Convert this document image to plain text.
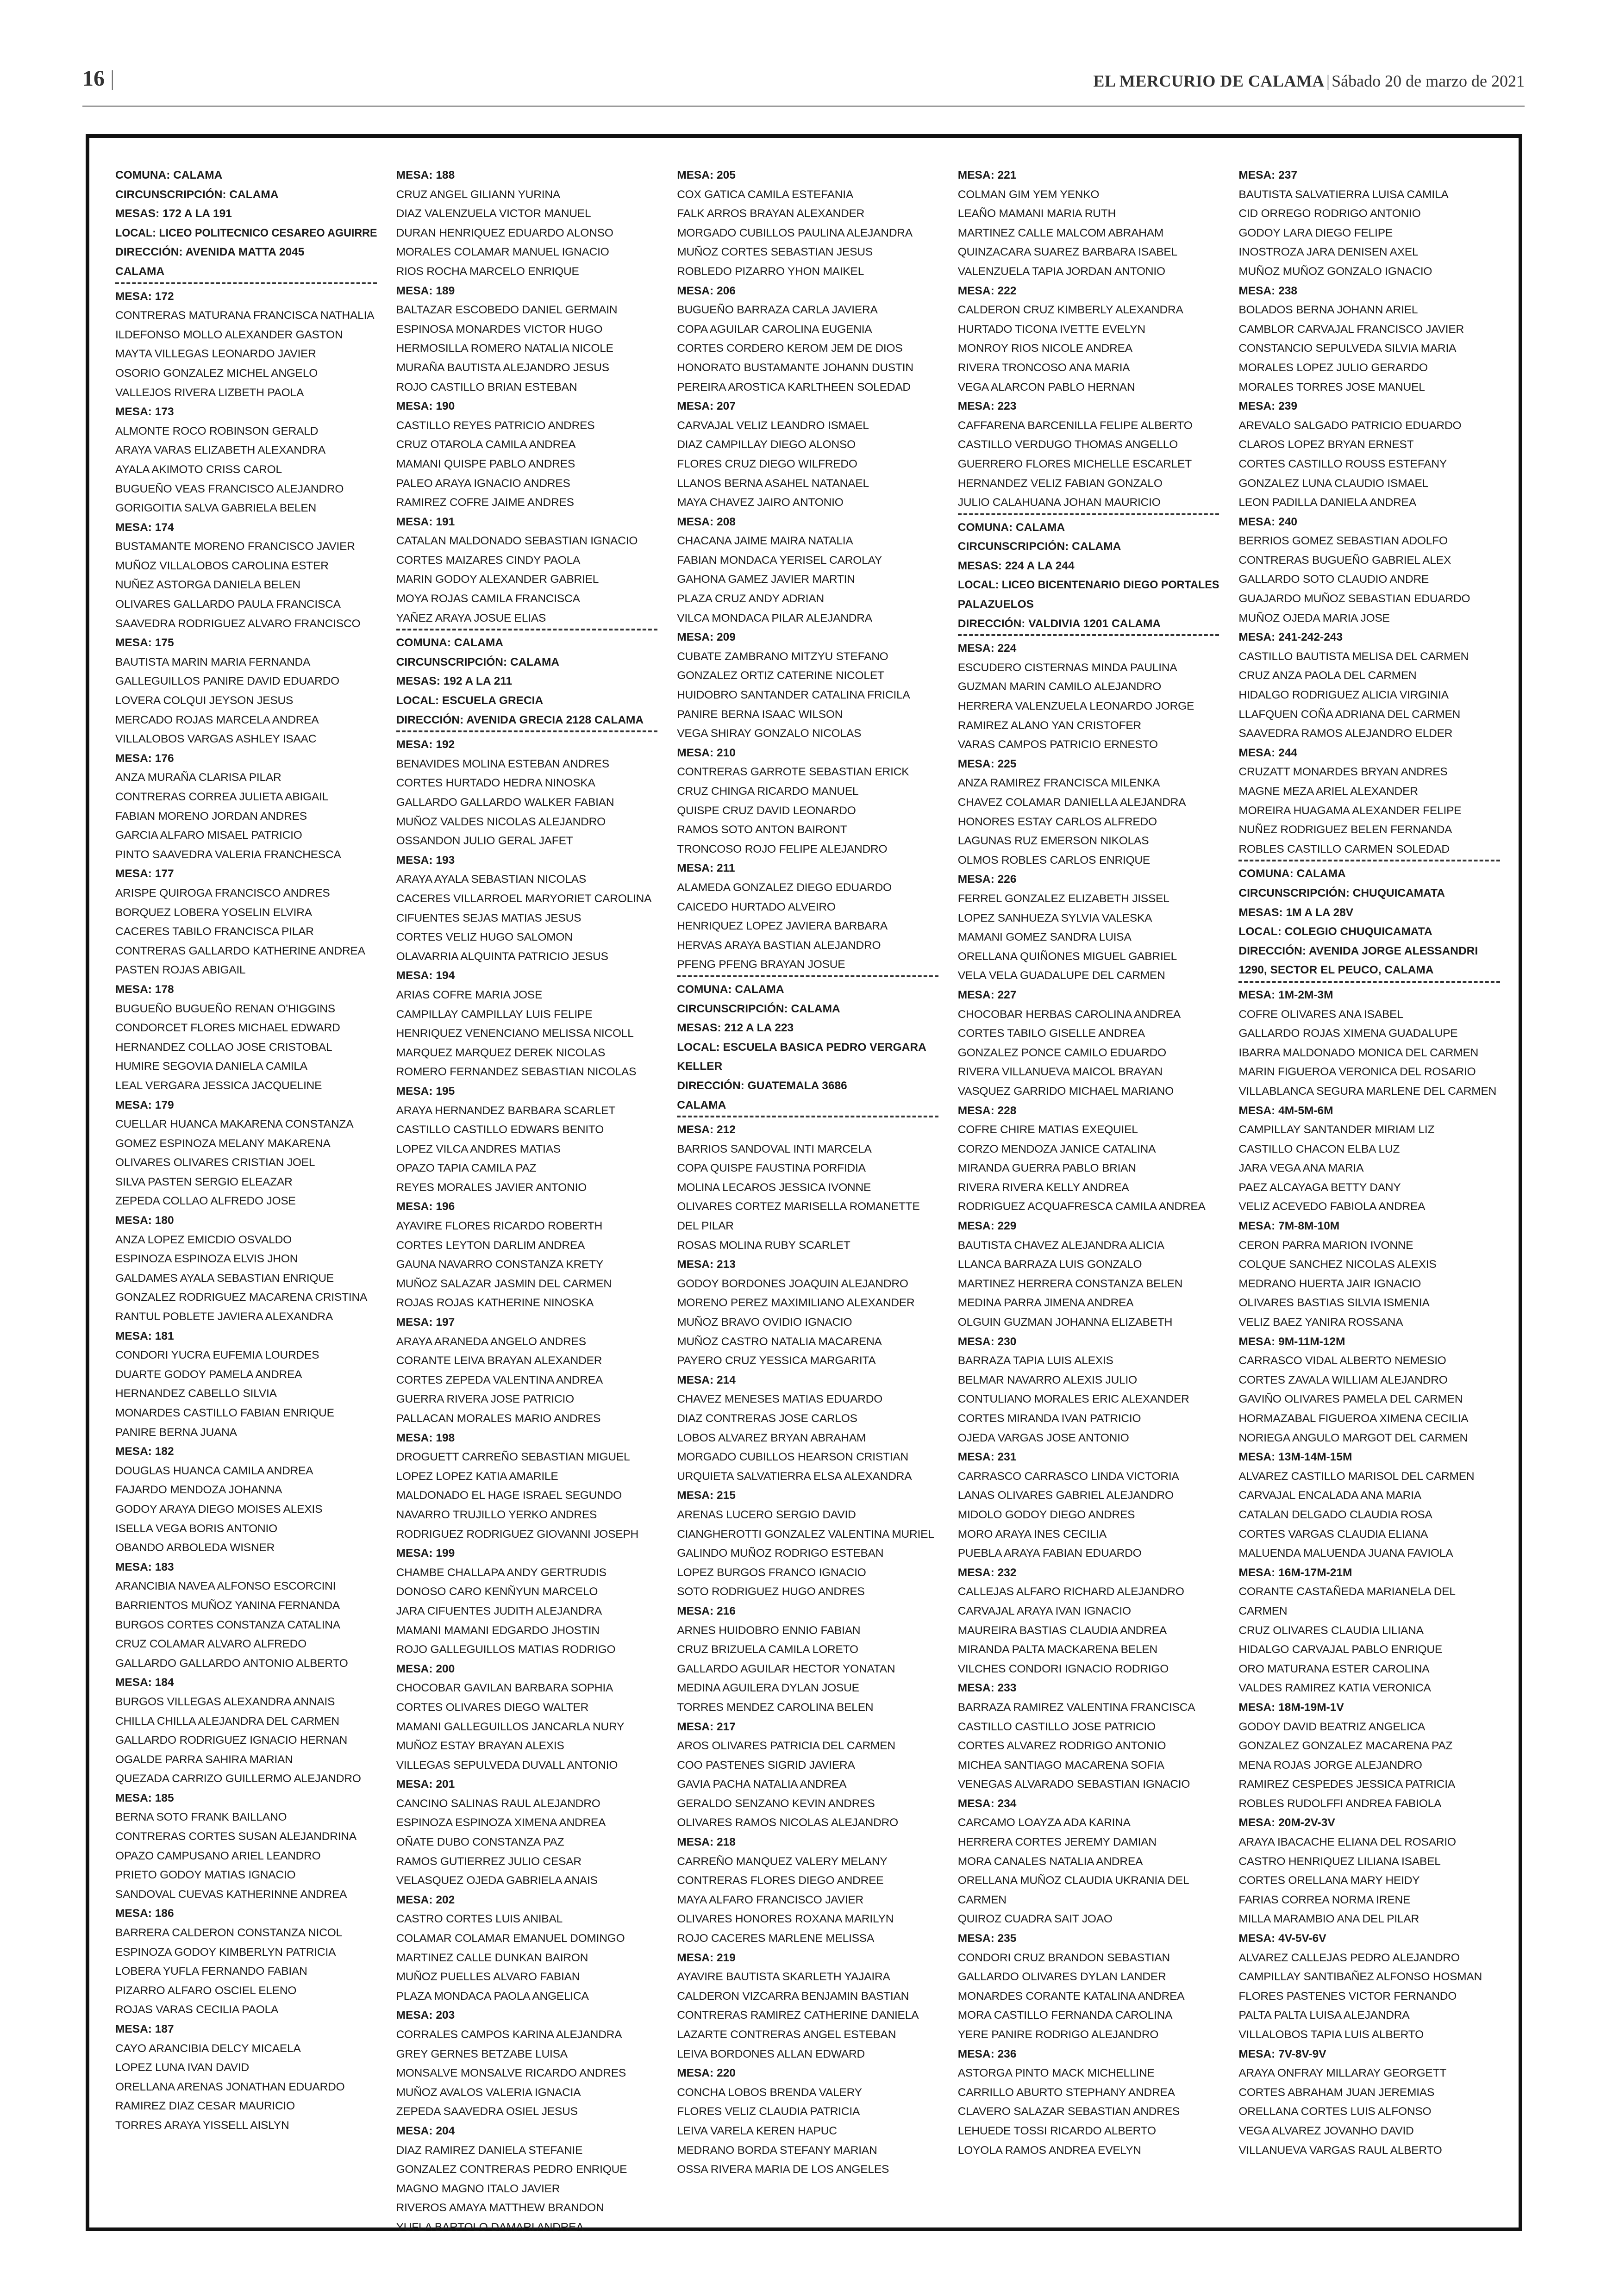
16 |	EL MERCURIO DE CALAMA | Sábado 20 de marzo de 2021
COMUNA: CALAMA
CIRCUNSCRIPCIÓN: CALAMA
MESAS: 172 A LA 191
LOCAL: LICEO POLITECNICO CESAREO AGUIRRE
DIRECCIÓN: AVENIDA MATTA 2045
CALAMA
MESA: 172
CONTRERAS MATURANA FRANCISCA NATHALIA
ILDEFONSO MOLLO ALEXANDER GASTON
MAYTA VILLEGAS LEONARDO JAVIER
OSORIO GONZALEZ MICHEL ANGELO
VALLEJOS RIVERA LIZBETH PAOLA
MESA: 173
ALMONTE ROCO ROBINSON GERALD
ARAYA VARAS ELIZABETH ALEXANDRA
AYALA AKIMOTO CRISS CAROL
BUGUEÑO VEAS FRANCISCO ALEJANDRO
GORIGOITIA SALVA GABRIELA BELEN
MESA: 174
BUSTAMANTE MORENO FRANCISCO JAVIER
MUÑOZ VILLALOBOS CAROLINA ESTER
NUÑEZ ASTORGA DANIELA BELEN
OLIVARES GALLARDO PAULA FRANCISCA
SAAVEDRA RODRIGUEZ ALVARO FRANCISCO
MESA: 175
BAUTISTA MARIN MARIA FERNANDA
GALLEGUILLOS PANIRE DAVID EDUARDO
LOVERA COLQUI JEYSON JESUS
MERCADO ROJAS MARCELA ANDREA
VILLALOBOS VARGAS ASHLEY ISAAC
MESA: 176
ANZA MURAÑA CLARISA PILAR
CONTRERAS CORREA JULIETA ABIGAIL
FABIAN MORENO JORDAN ANDRES
GARCIA ALFARO MISAEL PATRICIO
PINTO SAAVEDRA VALERIA FRANCHESCA
MESA: 177
ARISPE QUIROGA FRANCISCO ANDRES
BORQUEZ LOBERA YOSELIN ELVIRA
CACERES TABILO FRANCISCA PILAR
CONTRERAS GALLARDO KATHERINE ANDREA
PASTEN ROJAS ABIGAIL
MESA: 178
BUGUEÑO BUGUEÑO RENAN O'HIGGINS
CONDORCET FLORES MICHAEL EDWARD
HERNANDEZ COLLAO JOSE CRISTOBAL
HUMIRE SEGOVIA DANIELA CAMILA
LEAL VERGARA JESSICA JACQUELINE
MESA: 179
CUELLAR HUANCA MAKARENA CONSTANZA
GOMEZ ESPINOZA MELANY MAKARENA
OLIVARES OLIVARES CRISTIAN JOEL
SILVA PASTEN SERGIO ELEAZAR
ZEPEDA COLLAO ALFREDO JOSE
MESA: 180
ANZA LOPEZ EMICDIO OSVALDO
ESPINOZA ESPINOZA ELVIS JHON
GALDAMES AYALA SEBASTIAN ENRIQUE
GONZALEZ RODRIGUEZ MACARENA CRISTINA
RANTUL POBLETE JAVIERA ALEXANDRA
MESA: 181
CONDORI YUCRA EUFEMIA LOURDES
DUARTE GODOY PAMELA ANDREA
HERNANDEZ CABELLO SILVIA
MONARDES CASTILLO FABIAN ENRIQUE
PANIRE BERNA JUANA
MESA: 182
DOUGLAS HUANCA CAMILA ANDREA
FAJARDO MENDOZA JOHANNA
GODOY ARAYA DIEGO MOISES ALEXIS
ISELLA VEGA BORIS ANTONIO
OBANDO ARBOLEDA WISNER
MESA: 183
ARANCIBIA NAVEA ALFONSO ESCORCINI
BARRIENTOS MUÑOZ YANINA FERNANDA
BURGOS CORTES CONSTANZA CATALINA
CRUZ COLAMAR ALVARO ALFREDO
GALLARDO GALLARDO ANTONIO ALBERTO
MESA: 184
BURGOS VILLEGAS ALEXANDRA ANNAIS
CHILLA CHILLA ALEJANDRA DEL CARMEN
GALLARDO RODRIGUEZ IGNACIO HERNAN
OGALDE PARRA SAHIRA MARIAN
QUEZADA CARRIZO GUILLERMO ALEJANDRO
MESA: 185
BERNA SOTO FRANK BAILLANO
CONTRERAS CORTES SUSAN ALEJANDRINA
OPAZO CAMPUSANO ARIEL LEANDRO
PRIETO GODOY MATIAS IGNACIO
SANDOVAL CUEVAS KATHERINNE ANDREA
MESA: 186
BARRERA CALDERON CONSTANZA NICOL
ESPINOZA GODOY KIMBERLYN PATRICIA
LOBERA YUFLA FERNANDO FABIAN
PIZARRO ALFARO OSCIEL ELENO
ROJAS VARAS CECILIA PAOLA
MESA: 187
CAYO ARANCIBIA DELCY MICAELA
LOPEZ LUNA IVAN DAVID
ORELLANA ARENAS JONATHAN EDUARDO
RAMIREZ DIAZ CESAR MAURICIO
TORRES ARAYA YISSELL AISLYN
MESA: 188
CRUZ ANGEL GILIANN YURINA
DIAZ VALENZUELA VICTOR MANUEL
DURAN HENRIQUEZ EDUARDO ALONSO
MORALES COLAMAR MANUEL IGNACIO
RIOS ROCHA MARCELO ENRIQUE
MESA: 189
BALTAZAR ESCOBEDO DANIEL GERMAIN
ESPINOSA MONARDES VICTOR HUGO
HERMOSILLA ROMERO NATALIA NICOLE
MURAÑA BAUTISTA ALEJANDRO JESUS
ROJO CASTILLO BRIAN ESTEBAN
MESA: 190
CASTILLO REYES PATRICIO ANDRES
CRUZ OTAROLA CAMILA ANDREA
MAMANI QUISPE PABLO ANDRES
PALEO ARAYA IGNACIO ANDRES
RAMIREZ COFRE JAIME ANDRES
MESA: 191
CATALAN MALDONADO SEBASTIAN IGNACIO
CORTES MAIZARES CINDY PAOLA
MARIN GODOY ALEXANDER GABRIEL
MOYA ROJAS CAMILA FRANCISCA
YAÑEZ ARAYA JOSUE ELIAS
COMUNA: CALAMA
CIRCUNSCRIPCIÓN: CALAMA
MESAS: 192 A LA 211
LOCAL: ESCUELA GRECIA
DIRECCIÓN: AVENIDA GRECIA 2128 CALAMA
MESA: 192
BENAVIDES MOLINA ESTEBAN ANDRES
CORTES HURTADO HEDRA NINOSKA
GALLARDO GALLARDO WALKER FABIAN
MUÑOZ VALDES NICOLAS ALEJANDRO
OSSANDON JULIO GERAL JAFET
MESA: 193
ARAYA AYALA SEBASTIAN NICOLAS
CACERES VILLARROEL MARYORIET CAROLINA
CIFUENTES SEJAS MATIAS JESUS
CORTES VELIZ HUGO SALOMON
OLAVARRIA ALQUINTA PATRICIO JESUS
MESA: 194
ARIAS COFRE MARIA JOSE
CAMPILLAY CAMPILLAY LUIS FELIPE
HENRIQUEZ VENENCIANO MELISSA NICOLL
MARQUEZ MARQUEZ DEREK NICOLAS
ROMERO FERNANDEZ SEBASTIAN NICOLAS
MESA: 195
ARAYA HERNANDEZ BARBARA SCARLET
CASTILLO CASTILLO EDWARS BENITO
LOPEZ VILCA ANDRES MATIAS
OPAZO TAPIA CAMILA PAZ
REYES MORALES JAVIER ANTONIO
MESA: 196
AYAVIRE FLORES RICARDO ROBERTH
CORTES LEYTON DARLIM ANDREA
GAUNA NAVARRO CONSTANZA KRETY
MUÑOZ SALAZAR JASMIN DEL CARMEN
ROJAS ROJAS KATHERINE NINOSKA
MESA: 197
ARAYA ARANEDA ANGELO ANDRES
CORANTE LEIVA BRAYAN ALEXANDER
CORTES ZEPEDA VALENTINA ANDREA
GUERRA RIVERA JOSE PATRICIO
PALLACAN MORALES MARIO ANDRES
MESA: 198
DROGUETT CARREÑO SEBASTIAN MIGUEL
LOPEZ LOPEZ KATIA AMARILE
MALDONADO EL HAGE ISRAEL SEGUNDO
NAVARRO TRUJILLO YERKO ANDRES
RODRIGUEZ RODRIGUEZ GIOVANNI JOSEPH
MESA: 199
CHAMBE CHALLAPA ANDY GERTRUDIS
DONOSO CARO KENÑYUN MARCELO
JARA CIFUENTES JUDITH ALEJANDRA
MAMANI MAMANI EDGARDO JHOSTIN
ROJO GALLEGUILLOS MATIAS RODRIGO
MESA: 200
CHOCOBAR GAVILAN BARBARA SOPHIA
CORTES OLIVARES DIEGO WALTER
MAMANI GALLEGUILLOS JANCARLA NURY
MUÑOZ ESTAY BRAYAN ALEXIS
VILLEGAS SEPULVEDA DUVALL ANTONIO
MESA: 201
CANCINO SALINAS RAUL ALEJANDRO
ESPINOZA ESPINOZA XIMENA ANDREA
OÑATE DUBO CONSTANZA PAZ
RAMOS GUTIERREZ JULIO CESAR
VELASQUEZ OJEDA GABRIELA ANAIS
MESA: 202
CASTRO CORTES LUIS ANIBAL
COLAMAR COLAMAR EMANUEL DOMINGO
MARTINEZ CALLE DUNKAN BAIRON
MUÑOZ PUELLES ALVARO FABIAN
PLAZA MONDACA PAOLA ANGELICA
MESA: 203
CORRALES CAMPOS KARINA ALEJANDRA
GREY GERNES BETZABE LUISA
MONSALVE MONSALVE RICARDO ANDRES
MUÑOZ AVALOS VALERIA IGNACIA
ZEPEDA SAAVEDRA OSIEL JESUS
MESA: 204
DIAZ RAMIREZ DANIELA STEFANIE
GONZALEZ CONTRERAS PEDRO ENRIQUE
MAGNO MAGNO ITALO JAVIER
RIVEROS AMAYA MATTHEW BRANDON
YUFLA BARTOLO DAMARI ANDREA
MESA: 205
COX GATICA CAMILA ESTEFANIA
FALK ARROS BRAYAN ALEXANDER
MORGADO CUBILLOS PAULINA ALEJANDRA
MUÑOZ CORTES SEBASTIAN JESUS
ROBLEDO PIZARRO YHON MAIKEL
MESA: 206
BUGUEÑO BARRAZA CARLA JAVIERA
COPA AGUILAR CAROLINA EUGENIA
CORTES CORDERO KEROM JEM DE DIOS
HONORATO BUSTAMANTE JOHANN DUSTIN
PEREIRA AROSTICA KARLTHEEN SOLEDAD
MESA: 207
CARVAJAL VELIZ LEANDRO ISMAEL
DIAZ CAMPILLAY DIEGO ALONSO
FLORES CRUZ DIEGO WILFREDO
LLANOS BERNA ASAHEL NATANAEL
MAYA CHAVEZ JAIRO ANTONIO
MESA: 208
CHACANA JAIME MAIRA NATALIA
FABIAN MONDACA YERISEL CAROLAY
GAHONA GAMEZ JAVIER MARTIN
PLAZA CRUZ ANDY ADRIAN
VILCA MONDACA PILAR ALEJANDRA
MESA: 209
CUBATE ZAMBRANO MITZYU STEFANO
GONZALEZ ORTIZ CATERINE NICOLET
HUIDOBRO SANTANDER CATALINA FRICILA
PANIRE BERNA ISAAC WILSON
VEGA SHIRAY GONZALO NICOLAS
MESA: 210
CONTRERAS GARROTE SEBASTIAN ERICK
CRUZ CHINGA RICARDO MANUEL
QUISPE CRUZ DAVID LEONARDO
RAMOS SOTO ANTON BAIRONT
TRONCOSO ROJO FELIPE ALEJANDRO
MESA: 211
ALAMEDA GONZALEZ DIEGO EDUARDO
CAICEDO HURTADO ALVEIRO
HENRIQUEZ LOPEZ JAVIERA BARBARA
HERVAS ARAYA BASTIAN ALEJANDRO
PFENG PFENG BRAYAN JOSUE
COMUNA: CALAMA
CIRCUNSCRIPCIÓN: CALAMA
MESAS: 212 A LA 223
LOCAL: ESCUELA BASICA PEDRO VERGARA
KELLER
DIRECCIÓN: GUATEMALA 3686
CALAMA
MESA: 212
BARRIOS SANDOVAL INTI MARCELA
COPA QUISPE FAUSTINA PORFIDIA
MOLINA LECAROS JESSICA IVONNE
OLIVARES CORTEZ MARISELLA ROMANETTE
DEL PILAR
ROSAS MOLINA RUBY SCARLET
MESA: 213
GODOY BORDONES JOAQUIN ALEJANDRO
MORENO PEREZ MAXIMILIANO ALEXANDER
MUÑOZ BRAVO OVIDIO IGNACIO
MUÑOZ CASTRO NATALIA MACARENA
PAYERO CRUZ YESSICA MARGARITA
MESA: 214
CHAVEZ MENESES MATIAS EDUARDO
DIAZ CONTRERAS JOSE CARLOS
LOBOS ALVAREZ BRYAN ABRAHAM
MORGADO CUBILLOS HEARSON CRISTIAN
URQUIETA SALVATIERRA ELSA ALEXANDRA
MESA: 215
ARENAS LUCERO SERGIO DAVID
CIANGHEROTTI GONZALEZ VALENTINA MURIEL
GALINDO MUÑOZ RODRIGO ESTEBAN
LOPEZ BURGOS FRANCO IGNACIO
SOTO RODRIGUEZ HUGO ANDRES
MESA: 216
ARNES HUIDOBRO ENNIO FABIAN
CRUZ BRIZUELA CAMILA LORETO
GALLARDO AGUILAR HECTOR YONATAN
MEDINA AGUILERA DYLAN JOSUE
TORRES MENDEZ CAROLINA BELEN
MESA: 217
AROS OLIVARES PATRICIA DEL CARMEN
COO PASTENES SIGRID JAVIERA
GAVIA PACHA NATALIA ANDREA
GERALDO SENZANO KEVIN ANDRES
OLIVARES RAMOS NICOLAS ALEJANDRO
MESA: 218
CARREÑO MANQUEZ VALERY MELANY
CONTRERAS FLORES DIEGO ANDREE
MAYA ALFARO FRANCISCO JAVIER
OLIVARES HONORES ROXANA MARILYN
ROJO CACERES MARLENE MELISSA
MESA: 219
AYAVIRE BAUTISTA SKARLETH YAJAIRA
CALDERON VIZCARRA BENJAMIN BASTIAN
CONTRERAS RAMIREZ CATHERINE DANIELA
LAZARTE CONTRERAS ANGEL ESTEBAN
LEIVA BORDONES ALLAN EDWARD
MESA: 220
CONCHA LOBOS BRENDA VALERY
FLORES VELIZ CLAUDIA PATRICIA
LEIVA VARELA KEREN HAPUC
MEDRANO BORDA STEFANY MARIAN
OSSA RIVERA MARIA DE LOS ANGELES
MESA: 221
COLMAN GIM YEM YENKO
LEAÑO MAMANI MARIA RUTH
MARTINEZ CALLE MALCOM ABRAHAM
QUINZACARA SUAREZ BARBARA ISABEL
VALENZUELA TAPIA JORDAN ANTONIO
MESA: 222
CALDERON CRUZ KIMBERLY ALEXANDRA
HURTADO TICONA IVETTE EVELYN
MONROY RIOS NICOLE ANDREA
RIVERA TRONCOSO ANA MARIA
VEGA ALARCON PABLO HERNAN
MESA: 223
CAFFARENA BARCENILLA FELIPE ALBERTO
CASTILLO VERDUGO THOMAS ANGELLO
GUERRERO FLORES MICHELLE ESCARLET
HERNANDEZ VELIZ FABIAN GONZALO
JULIO CALAHUANA JOHAN MAURICIO
COMUNA: CALAMA
CIRCUNSCRIPCIÓN: CALAMA
MESAS: 224 A LA 244
LOCAL: LICEO BICENTENARIO DIEGO PORTALES
PALAZUELOS
DIRECCIÓN: VALDIVIA 1201 CALAMA
MESA: 224
ESCUDERO CISTERNAS MINDA PAULINA
GUZMAN MARIN CAMILO ALEJANDRO
HERRERA VALENZUELA LEONARDO JORGE
RAMIREZ ALANO YAN CRISTOFER
VARAS CAMPOS PATRICIO ERNESTO
MESA: 225
ANZA RAMIREZ FRANCISCA MILENKA
CHAVEZ COLAMAR DANIELLA ALEJANDRA
HONORES ESTAY CARLOS ALFREDO
LAGUNAS RUZ EMERSON NIKOLAS
OLMOS ROBLES CARLOS ENRIQUE
MESA: 226
FERREL GONZALEZ ELIZABETH JISSEL
LOPEZ SANHUEZA SYLVIA VALESKA
MAMANI GOMEZ SANDRA LUISA
ORELLANA QUIÑONES MIGUEL GABRIEL
VELA VELA GUADALUPE DEL CARMEN
MESA: 227
CHOCOBAR HERBAS CAROLINA ANDREA
CORTES TABILO GISELLE ANDREA
GONZALEZ PONCE CAMILO EDUARDO
RIVERA VILLANUEVA MAICOL BRAYAN
VASQUEZ GARRIDO MICHAEL MARIANO
MESA: 228
COFRE CHIRE MATIAS EXEQUIEL
CORZO MENDOZA JANICE CATALINA
MIRANDA GUERRA PABLO BRIAN
RIVERA RIVERA KELLY ANDREA
RODRIGUEZ ACQUAFRESCA CAMILA ANDREA
MESA: 229
BAUTISTA CHAVEZ ALEJANDRA ALICIA
LLANCA BARRAZA LUIS GONZALO
MARTINEZ HERRERA CONSTANZA BELEN
MEDINA PARRA JIMENA ANDREA
OLGUIN GUZMAN JOHANNA ELIZABETH
MESA: 230
BARRAZA TAPIA LUIS ALEXIS
BELMAR NAVARRO ALEXIS JULIO
CONTULIANO MORALES ERIC ALEXANDER
CORTES MIRANDA IVAN PATRICIO
OJEDA VARGAS JOSE ANTONIO
MESA: 231
CARRASCO CARRASCO LINDA VICTORIA
LANAS OLIVARES GABRIEL ALEJANDRO
MIDOLO GODOY DIEGO ANDRES
MORO ARAYA INES CECILIA
PUEBLA ARAYA FABIAN EDUARDO
MESA: 232
CALLEJAS ALFARO RICHARD ALEJANDRO
CARVAJAL ARAYA IVAN IGNACIO
MAUREIRA BASTIAS CLAUDIA ANDREA
MIRANDA PALTA MACKARENA BELEN
VILCHES CONDORI IGNACIO RODRIGO
MESA: 233
BARRAZA RAMIREZ VALENTINA FRANCISCA
CASTILLO CASTILLO JOSE PATRICIO
CORTES ALVAREZ RODRIGO ANTONIO
MICHEA SANTIAGO MACARENA SOFIA
VENEGAS ALVARADO SEBASTIAN IGNACIO
MESA: 234
CARCAMO LOAYZA ADA KARINA
HERRERA CORTES JEREMY DAMIAN
MORA CANALES NATALIA ANDREA
ORELLANA MUÑOZ CLAUDIA UKRANIA DEL
CARMEN
QUIROZ CUADRA SAIT JOAO
MESA: 235
CONDORI CRUZ BRANDON SEBASTIAN
GALLARDO OLIVARES DYLAN LANDER
MONARDES CORANTE KATALINA ANDREA
MORA CASTILLO FERNANDA CAROLINA
YERE PANIRE RODRIGO ALEJANDRO
MESA: 236
ASTORGA PINTO MACK MICHELLINE
CARRILLO ABURTO STEPHANY ANDREA
CLAVERO SALAZAR SEBASTIAN ANDRES
LEHUEDE TOSSI RICARDO ALBERTO
LOYOLA RAMOS ANDREA EVELYN
MESA: 237
BAUTISTA SALVATIERRA LUISA CAMILA
CID ORREGO RODRIGO ANTONIO
GODOY LARA DIEGO FELIPE
INOSTROZA JARA DENISEN AXEL
MUÑOZ MUÑOZ GONZALO IGNACIO
MESA: 238
BOLADOS BERNA JOHANN ARIEL
CAMBLOR CARVAJAL FRANCISCO JAVIER
CONSTANCIO SEPULVEDA SILVIA MARIA
MORALES LOPEZ JULIO GERARDO
MORALES TORRES JOSE MANUEL
MESA: 239
AREVALO SALGADO PATRICIO EDUARDO
CLAROS LOPEZ BRYAN ERNEST
CORTES CASTILLO ROUSS ESTEFANY
GONZALEZ LUNA CLAUDIO ISMAEL
LEON PADILLA DANIELA ANDREA
MESA: 240
BERRIOS GOMEZ SEBASTIAN ADOLFO
CONTRERAS BUGUEÑO GABRIEL ALEX
GALLARDO SOTO CLAUDIO ANDRE
GUAJARDO MUÑOZ SEBASTIAN EDUARDO
MUÑOZ OJEDA MARIA JOSE
MESA: 241-242-243
CASTILLO BAUTISTA MELISA DEL CARMEN
CRUZ ANZA PAOLA DEL CARMEN
HIDALGO RODRIGUEZ ALICIA VIRGINIA
LLAFQUEN COÑA ADRIANA DEL CARMEN
SAAVEDRA RAMOS ALEJANDRO ELDER
MESA: 244
CRUZATT MONARDES BRYAN ANDRES
MAGNE MEZA ARIEL ALEXANDER
MOREIRA HUAGAMA ALEXANDER FELIPE
NUÑEZ RODRIGUEZ BELEN FERNANDA
ROBLES CASTILLO CARMEN SOLEDAD
COMUNA: CALAMA
CIRCUNSCRIPCIÓN: CHUQUICAMATA
MESAS: 1M A LA 28V
LOCAL: COLEGIO CHUQUICAMATA
DIRECCIÓN: AVENIDA JORGE ALESSANDRI
1290, SECTOR EL PEUCO, CALAMA
MESA: 1M-2M-3M
COFRE OLIVARES ANA ISABEL
GALLARDO ROJAS XIMENA GUADALUPE
IBARRA MALDONADO MONICA DEL CARMEN
MARIN FIGUEROA VERONICA DEL ROSARIO
VILLABLANCA SEGURA MARLENE DEL CARMEN
MESA: 4M-5M-6M
CAMPILLAY SANTANDER MIRIAM LIZ
CASTILLO CHACON ELBA LUZ
JARA VEGA ANA MARIA
PAEZ ALCAYAGA BETTY DANY
VELIZ ACEVEDO FABIOLA ANDREA
MESA: 7M-8M-10M
CERON PARRA MARION IVONNE
COLQUE SANCHEZ NICOLAS ALEXIS
MEDRANO HUERTA JAIR IGNACIO
OLIVARES BASTIAS SILVIA ISMENIA
VELIZ BAEZ YANIRA ROSSANA
MESA: 9M-11M-12M
CARRASCO VIDAL ALBERTO NEMESIO
CORTES ZAVALA WILLIAM ALEJANDRO
GAVIÑO OLIVARES PAMELA DEL CARMEN
HORMAZABAL FIGUEROA XIMENA CECILIA
NORIEGA ANGULO MARGOT DEL CARMEN
MESA: 13M-14M-15M
ALVAREZ CASTILLO MARISOL DEL CARMEN
CARVAJAL ENCALADA ANA MARIA
CATALAN DELGADO CLAUDIA ROSA
CORTES VARGAS CLAUDIA ELIANA
MALUENDA MALUENDA JUANA FAVIOLA
MESA: 16M-17M-21M
CORANTE CASTAÑEDA MARIANELA DEL
CARMEN
CRUZ OLIVARES CLAUDIA LILIANA
HIDALGO CARVAJAL PABLO ENRIQUE
ORO MATURANA ESTER CAROLINA
VALDES RAMIREZ KATIA VERONICA
MESA: 18M-19M-1V
GODOY DAVID BEATRIZ ANGELICA
GONZALEZ GONZALEZ MACARENA PAZ
MENA ROJAS JORGE ALEJANDRO
RAMIREZ CESPEDES JESSICA PATRICIA
ROBLES RUDOLFFI ANDREA FABIOLA
MESA: 20M-2V-3V
ARAYA IBACACHE ELIANA DEL ROSARIO
CASTRO HENRIQUEZ LILIANA ISABEL
CORTES ORELLANA MARY HEIDY
FARIAS CORREA NORMA IRENE
MILLA MARAMBIO ANA DEL PILAR
MESA: 4V-5V-6V
ALVAREZ CALLEJAS PEDRO ALEJANDRO
CAMPILLAY SANTIBAÑEZ ALFONSO HOSMAN
FLORES PASTENES VICTOR FERNANDO
PALTA PALTA LUISA ALEJANDRA
VILLALOBOS TAPIA LUIS ALBERTO
MESA: 7V-8V-9V
ARAYA ONFRAY MILLARAY GEORGETT
CORTES ABRAHAM JUAN JEREMIAS
ORELLANA CORTES LUIS ALFONSO
VEGA ALVAREZ JOVANHO DAVID
VILLANUEVA VARGAS RAUL ALBERTO
